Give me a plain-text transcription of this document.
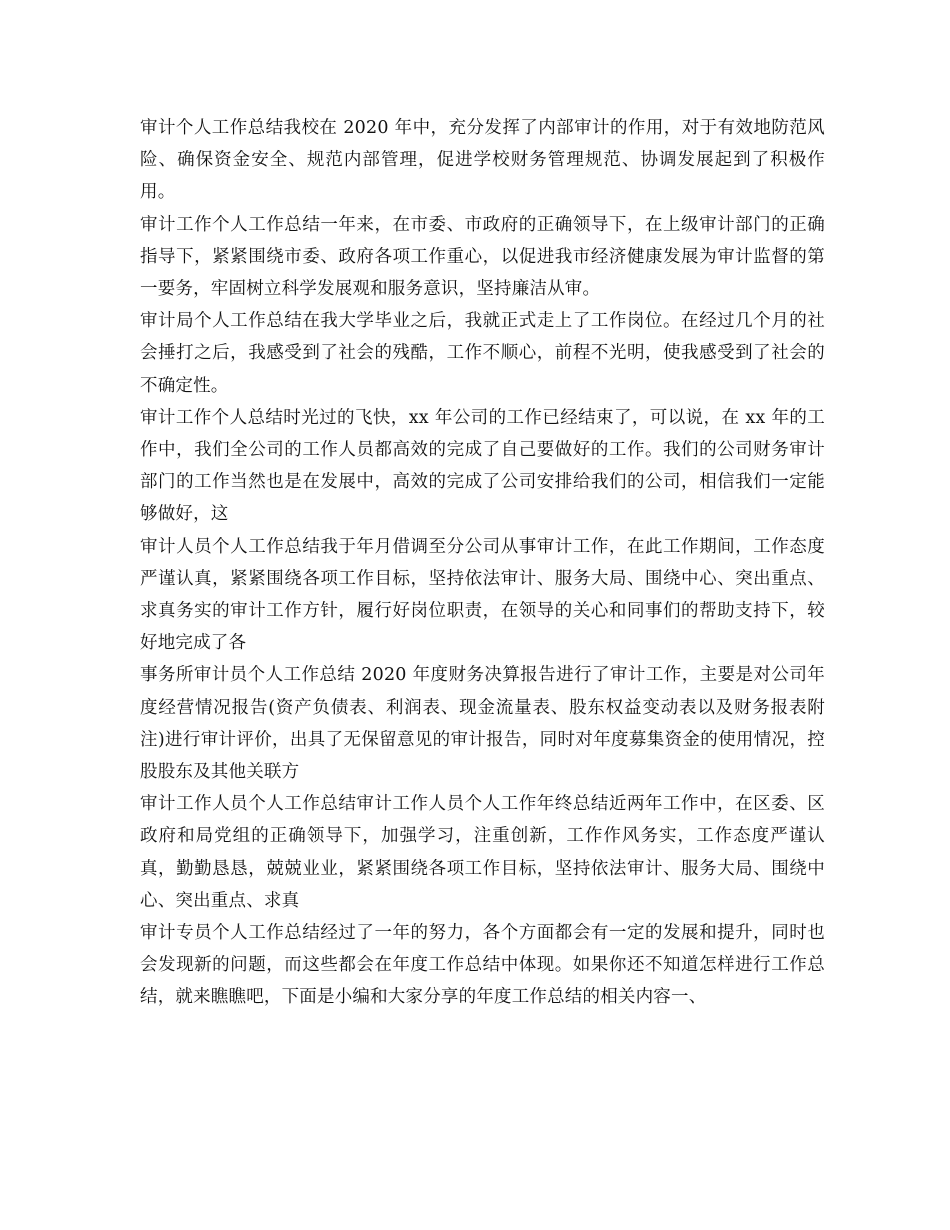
审计个人工作总结我校在 2020 年中，充分发挥了内部审计的作用，对于有效地防范风险、确保资金安全、规范内部管理，促进学校财务管理规范、协调发展起到了积极作用。

审计工作个人工作总结一年来，在市委、市政府的正确领导下，在上级审计部门的正确指导下，紧紧围绕市委、政府各项工作重心，以促进我市经济健康发展为审计监督的第一要务，牢固树立科学发展观和服务意识，坚持廉洁从审。

审计局个人工作总结在我大学毕业之后，我就正式走上了工作岗位。在经过几个月的社会捶打之后，我感受到了社会的残酷，工作不顺心，前程不光明，使我感受到了社会的不确定性。

审计工作个人总结时光过的飞快，xx 年公司的工作已经结束了，可以说，在 xx 年的工作中，我们全公司的工作人员都高效的完成了自己要做好的工作。我们的公司财务审计部门的工作当然也是在发展中，高效的完成了公司安排给我们的公司，相信我们一定能够做好，这

审计人员个人工作总结我于年月借调至分公司从事审计工作，在此工作期间，工作态度严谨认真，紧紧围绕各项工作目标，坚持依法审计、服务大局、围绕中心、突出重点、求真务实的审计工作方针，履行好岗位职责，在领导的关心和同事们的帮助支持下，较好地完成了各

事务所审计员个人工作总结 2020 年度财务决算报告进行了审计工作，主要是对公司年度经营情况报告(资产负债表、利润表、现金流量表、股东权益变动表以及财务报表附注)进行审计评价，出具了无保留意见的审计报告，同时对年度募集资金的使用情况，控股股东及其他关联方

审计工作人员个人工作总结审计工作人员个人工作年终总结近两年工作中，在区委、区政府和局党组的正确领导下，加强学习，注重创新，工作作风务实，工作态度严谨认真，勤勤恳恳，兢兢业业，紧紧围绕各项工作目标，坚持依法审计、服务大局、围绕中心、突出重点、求真

审计专员个人工作总结经过了一年的努力，各个方面都会有一定的发展和提升，同时也会发现新的问题，而这些都会在年度工作总结中体现。如果你还不知道怎样进行工作总结，就来瞧瞧吧，下面是小编和大家分享的年度工作总结的相关内容一、
